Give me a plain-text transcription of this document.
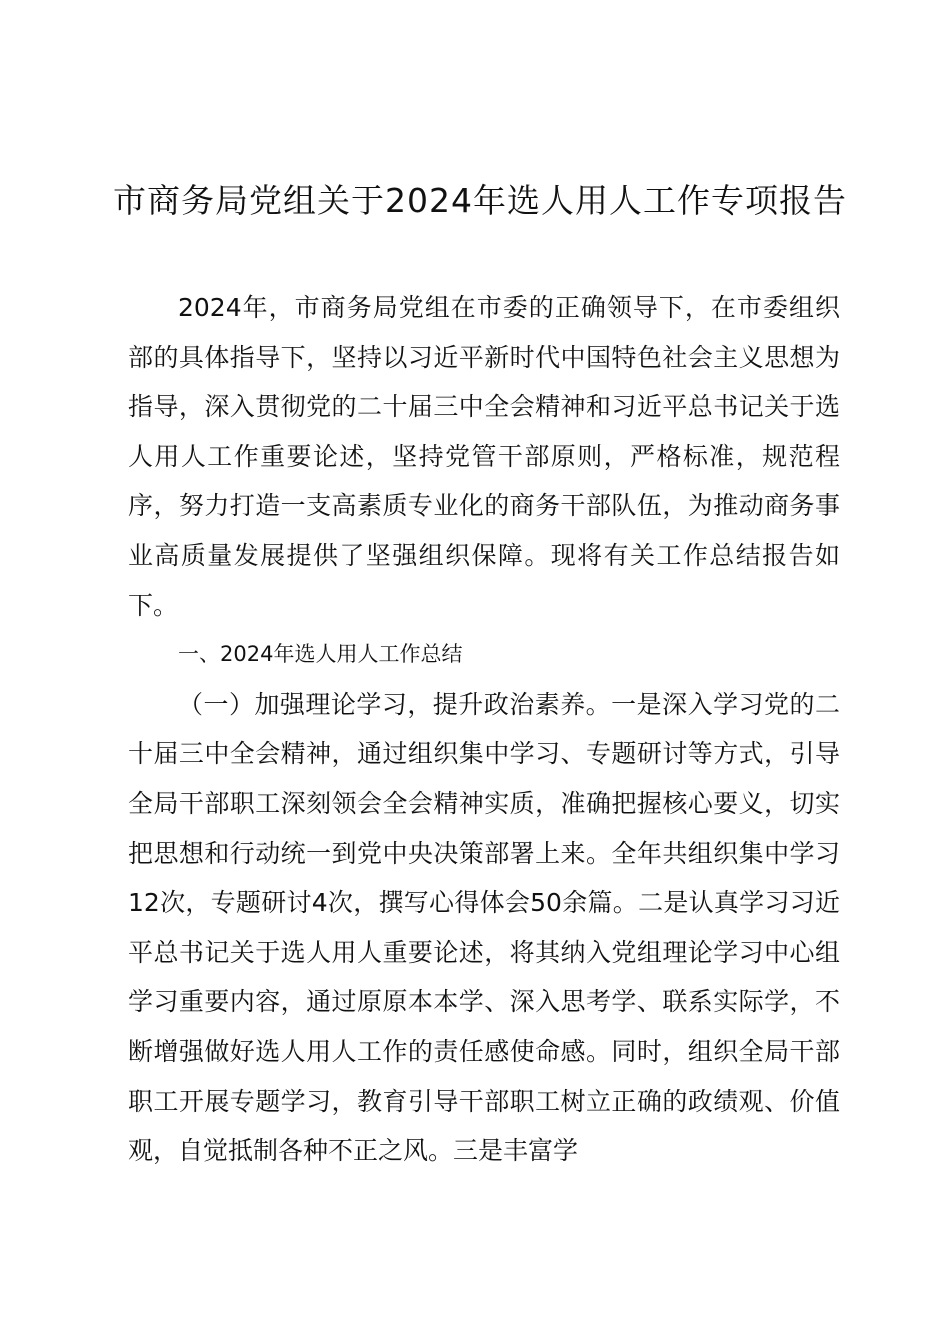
市商务局党组关于2024年选人用人工作专项报告

2024年，市商务局党组在市委的正确领导下，在市委组织部的具体指导下，坚持以习近平新时代中国特色社会主义思想为指导，深入贯彻党的二十届三中全会精神和习近平总书记关于选人用人工作重要论述，坚持党管干部原则，严格标准，规范程序，努力打造一支高素质专业化的商务干部队伍，为推动商务事业高质量发展提供了坚强组织保障。现将有关工作总结报告如下。

一、2024年选人用人工作总结

（一）加强理论学习，提升政治素养。一是深入学习党的二十届三中全会精神，通过组织集中学习、专题研讨等方式，引导全局干部职工深刻领会全会精神实质，准确把握核心要义，切实把思想和行动统一到党中央决策部署上来。全年共组织集中学习12次，专题研讨4次，撰写心得体会50余篇。二是认真学习习近平总书记关于选人用人重要论述，将其纳入党组理论学习中心组学习重要内容，通过原原本本学、深入思考学、联系实际学，不断增强做好选人用人工作的责任感使命感。同时，组织全局干部职工开展专题学习，教育引导干部职工树立正确的政绩观、价值观，自觉抵制各种不正之风。三是丰富学
